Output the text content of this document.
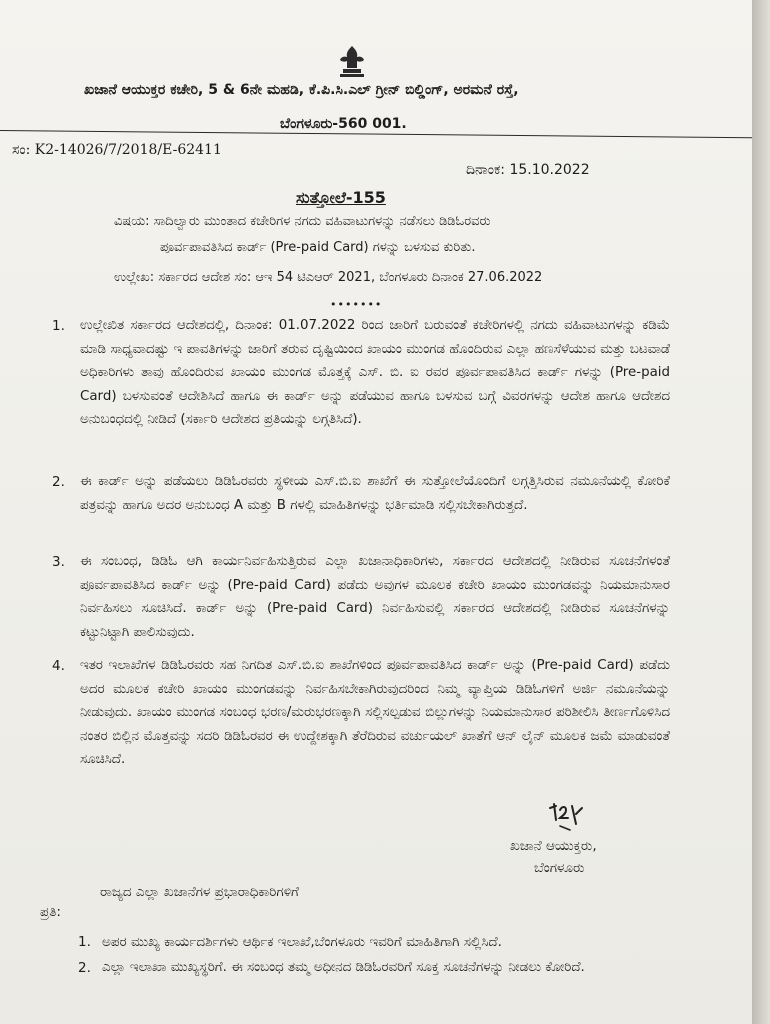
ಖಜಾನೆ ಆಯುಕ್ತರ ಕಚೇರಿ, 5 & 6ನೇ ಮಹಡಿ, ಕೆ.ಪಿ.ಸಿ.ಎಲ್ ಗ್ರೀನ್ ಬಿಲ್ಡಿಂಗ್, ಅರಮನೆ ರಸ್ತೆ,
ಬೆಂಗಳೂರು-560 001.
ಸಂ: K2-14026/7/2018/E-62411
ದಿನಾಂಕ: 15.10.2022
ಸುತ್ತೋಲೆ-155
ವಿಷಯ: ಸಾದಿಲ್ವಾರು ಮುಂತಾದ ಕಚೇರಿಗಳ ನಗದು ವಹಿವಾಟುಗಳನ್ನು ನಡೆಸಲು ಡಿಡಿಓರವರು
ಪೂರ್ವಪಾವತಿಸಿದ ಕಾರ್ಡ್ (Pre-paid Card) ಗಳನ್ನು ಬಳಸುವ ಕುರಿತು.
ಉಲ್ಲೇಖ: ಸರ್ಕಾರದ ಆದೇಶ ಸಂ: ಆಇ 54 ಟಿಎಆರ್ 2021, ಬೆಂಗಳೂರು ದಿನಾಂಕ 27.06.2022
•••••••
1. ಉಲ್ಲೇಖಿತ ಸರ್ಕಾರದ ಆದೇಶದಲ್ಲಿ, ದಿನಾಂಕ: 01.07.2022 ರಿಂದ ಜಾರಿಗೆ ಬರುವಂತೆ ಕಚೇರಿಗಳಲ್ಲಿ ನಗದು ವಹಿವಾಟುಗಳನ್ನು ಕಡಿಮೆ ಮಾಡಿ ಸಾಧ್ಯವಾದಷ್ಟು ಇ ಪಾವತಿಗಳನ್ನು ಜಾರಿಗೆ ತರುವ ದೃಷ್ಟಿಯಿಂದ ಖಾಯಂ ಮುಂಗಡ ಹೊಂದಿರುವ ಎಲ್ಲಾ ಹಣಸೆಳೆಯುವ ಮತ್ತು ಬಟವಾಡೆ ಅಧಿಕಾರಿಗಳು ತಾವು ಹೊಂದಿರುವ ಖಾಯಂ ಮುಂಗಡ ಮೊತ್ತಕ್ಕೆ ಎಸ್. ಬಿ. ಐ ರವರ ಪೂರ್ವಪಾವತಿಸಿದ ಕಾರ್ಡ್ ಗಳನ್ನು (Pre-paid Card) ಬಳಸುವಂತೆ ಆದೇಶಿಸಿದೆ ಹಾಗೂ ಈ ಕಾರ್ಡ್ ಅನ್ನು ಪಡೆಯುವ ಹಾಗೂ ಬಳಸುವ ಬಗ್ಗೆ ವಿವರಗಳನ್ನು ಆದೇಶ ಹಾಗೂ ಆದೇಶದ ಅನುಬಂಧದಲ್ಲಿ ನೀಡಿದೆ (ಸರ್ಕಾರಿ ಆದೇಶದ ಪ್ರತಿಯನ್ನು ಲಗ್ಗತಿಸಿದೆ).
2. ಈ ಕಾರ್ಡ್ ಅನ್ನು ಪಡೆಯಲು ಡಿಡಿಓರವರು ಸ್ಥಳೀಯ ಎಸ್.ಬಿ.ಐ ಶಾಖೆಗೆ ಈ ಸುತ್ತೋಲೆಯೊಂದಿಗೆ ಲಗ್ಗತ್ತಿಸಿರುವ ನಮೂನೆಯಲ್ಲಿ ಕೋರಿಕೆ ಪತ್ರವನ್ನು ಹಾಗೂ ಅದರ ಅನುಬಂಧ A ಮತ್ತು B ಗಳಲ್ಲಿ ಮಾಹಿತಿಗಳನ್ನು ಭರ್ತಿಮಾಡಿ ಸಲ್ಲಿಸಬೇಕಾಗಿರುತ್ತದೆ.
3. ಈ ಸಂಬಂಧ, ಡಿಡಿಓ ಆಗಿ ಕಾರ್ಯನಿರ್ವಹಿಸುತ್ತಿರುವ ಎಲ್ಲಾ ಖಜಾನಾಧಿಕಾರಿಗಳು, ಸರ್ಕಾರದ ಆದೇಶದಲ್ಲಿ ನೀಡಿರುವ ಸೂಚನೆಗಳಂತೆ ಪೂರ್ವಪಾವತಿಸಿದ ಕಾರ್ಡ್ ಅನ್ನು (Pre-paid Card) ಪಡೆದು ಅವುಗಳ ಮೂಲಕ ಕಚೇರಿ ಖಾಯಂ ಮುಂಗಡವನ್ನು ನಿಯಮಾನುಸಾರ ನಿರ್ವಹಿಸಲು ಸೂಚಿಸಿದೆ. ಕಾರ್ಡ್ ಅನ್ನು (Pre-paid Card) ನಿರ್ವಹಿಸುವಲ್ಲಿ ಸರ್ಕಾರದ ಆದೇಶದಲ್ಲಿ ನೀಡಿರುವ ಸೂಚನೆಗಳನ್ನು ಕಟ್ಟುನಿಟ್ಟಾಗಿ ಪಾಲಿಸುವುದು.
4. ಇತರ ಇಲಾಖೆಗಳ ಡಿಡಿಓರವರು ಸಹ ನಿಗದಿತ ಎಸ್.ಬಿ.ಐ ಶಾಖೆಗಳಿಂದ ಪೂರ್ವಪಾವತಿಸಿದ ಕಾರ್ಡ್ ಅನ್ನು (Pre-paid Card) ಪಡೆದು ಅದರ ಮೂಲಕ ಕಚೇರಿ ಖಾಯಂ ಮುಂಗಡವನ್ನು ನಿರ್ವಹಿಸಬೇಕಾಗಿರುವುದರಿಂದ ನಿಮ್ಮ ವ್ಯಾಪ್ತಿಯ ಡಿಡಿಓಗಳಿಗೆ ಅರ್ಜಿ ನಮೂನೆಯನ್ನು ನೀಡುವುದು. ಖಾಯಂ ಮುಂಗಡ ಸಂಬಂಧ ಭರಣ/ಮರುಭರಣಕ್ಕಾಗಿ ಸಲ್ಲಿಸಲ್ಪಡುವ ಬಿಲ್ಲುಗಳನ್ನು ನಿಯಮಾನುಸಾರ ಪರಿಶೀಲಿಸಿ ತೀರ್ಣಗೊಳಿಸಿದ ನಂತರ ಬಿಲ್ಲಿನ ಮೊತ್ತವನ್ನು ಸದರಿ ಡಿಡಿಓರವರ ಈ ಉದ್ದೇಶಕ್ಕಾಗಿ ತೆರೆದಿರುವ ವರ್ಚುಯಲ್ ಖಾತೆಗೆ ಆನ್ ಲೈನ್ ಮೂಲಕ ಜಮೆ ಮಾಡುವಂತೆ ಸೂಚಿಸಿದೆ.
ಖಜಾನೆ ಆಯುಕ್ತರು,
ಬೆಂಗಳೂರು
ರಾಜ್ಯದ ಎಲ್ಲಾ ಖಜಾನೆಗಳ ಪ್ರಭಾರಾಧಿಕಾರಿಗಳಿಗೆ
ಪ್ರತಿ:
1. ಅಪರ ಮುಖ್ಯ ಕಾರ್ಯದರ್ಶಿಗಳು ಆರ್ಥಿಕ ಇಲಾಖೆ,ಬೆಂಗಳೂರು ಇವರಿಗೆ ಮಾಹಿತಿಗಾಗಿ ಸಲ್ಲಿಸಿದೆ.
2. ಎಲ್ಲಾ ಇಲಾಖಾ ಮುಖ್ಯಸ್ಥರಿಗೆ. ಈ ಸಂಬಂಧ ತಮ್ಮ ಅಧೀನದ ಡಿಡಿಓರವರಿಗೆ ಸೂಕ್ತ ಸೂಚನೆಗಳನ್ನು ನೀಡಲು ಕೋರಿದೆ.
